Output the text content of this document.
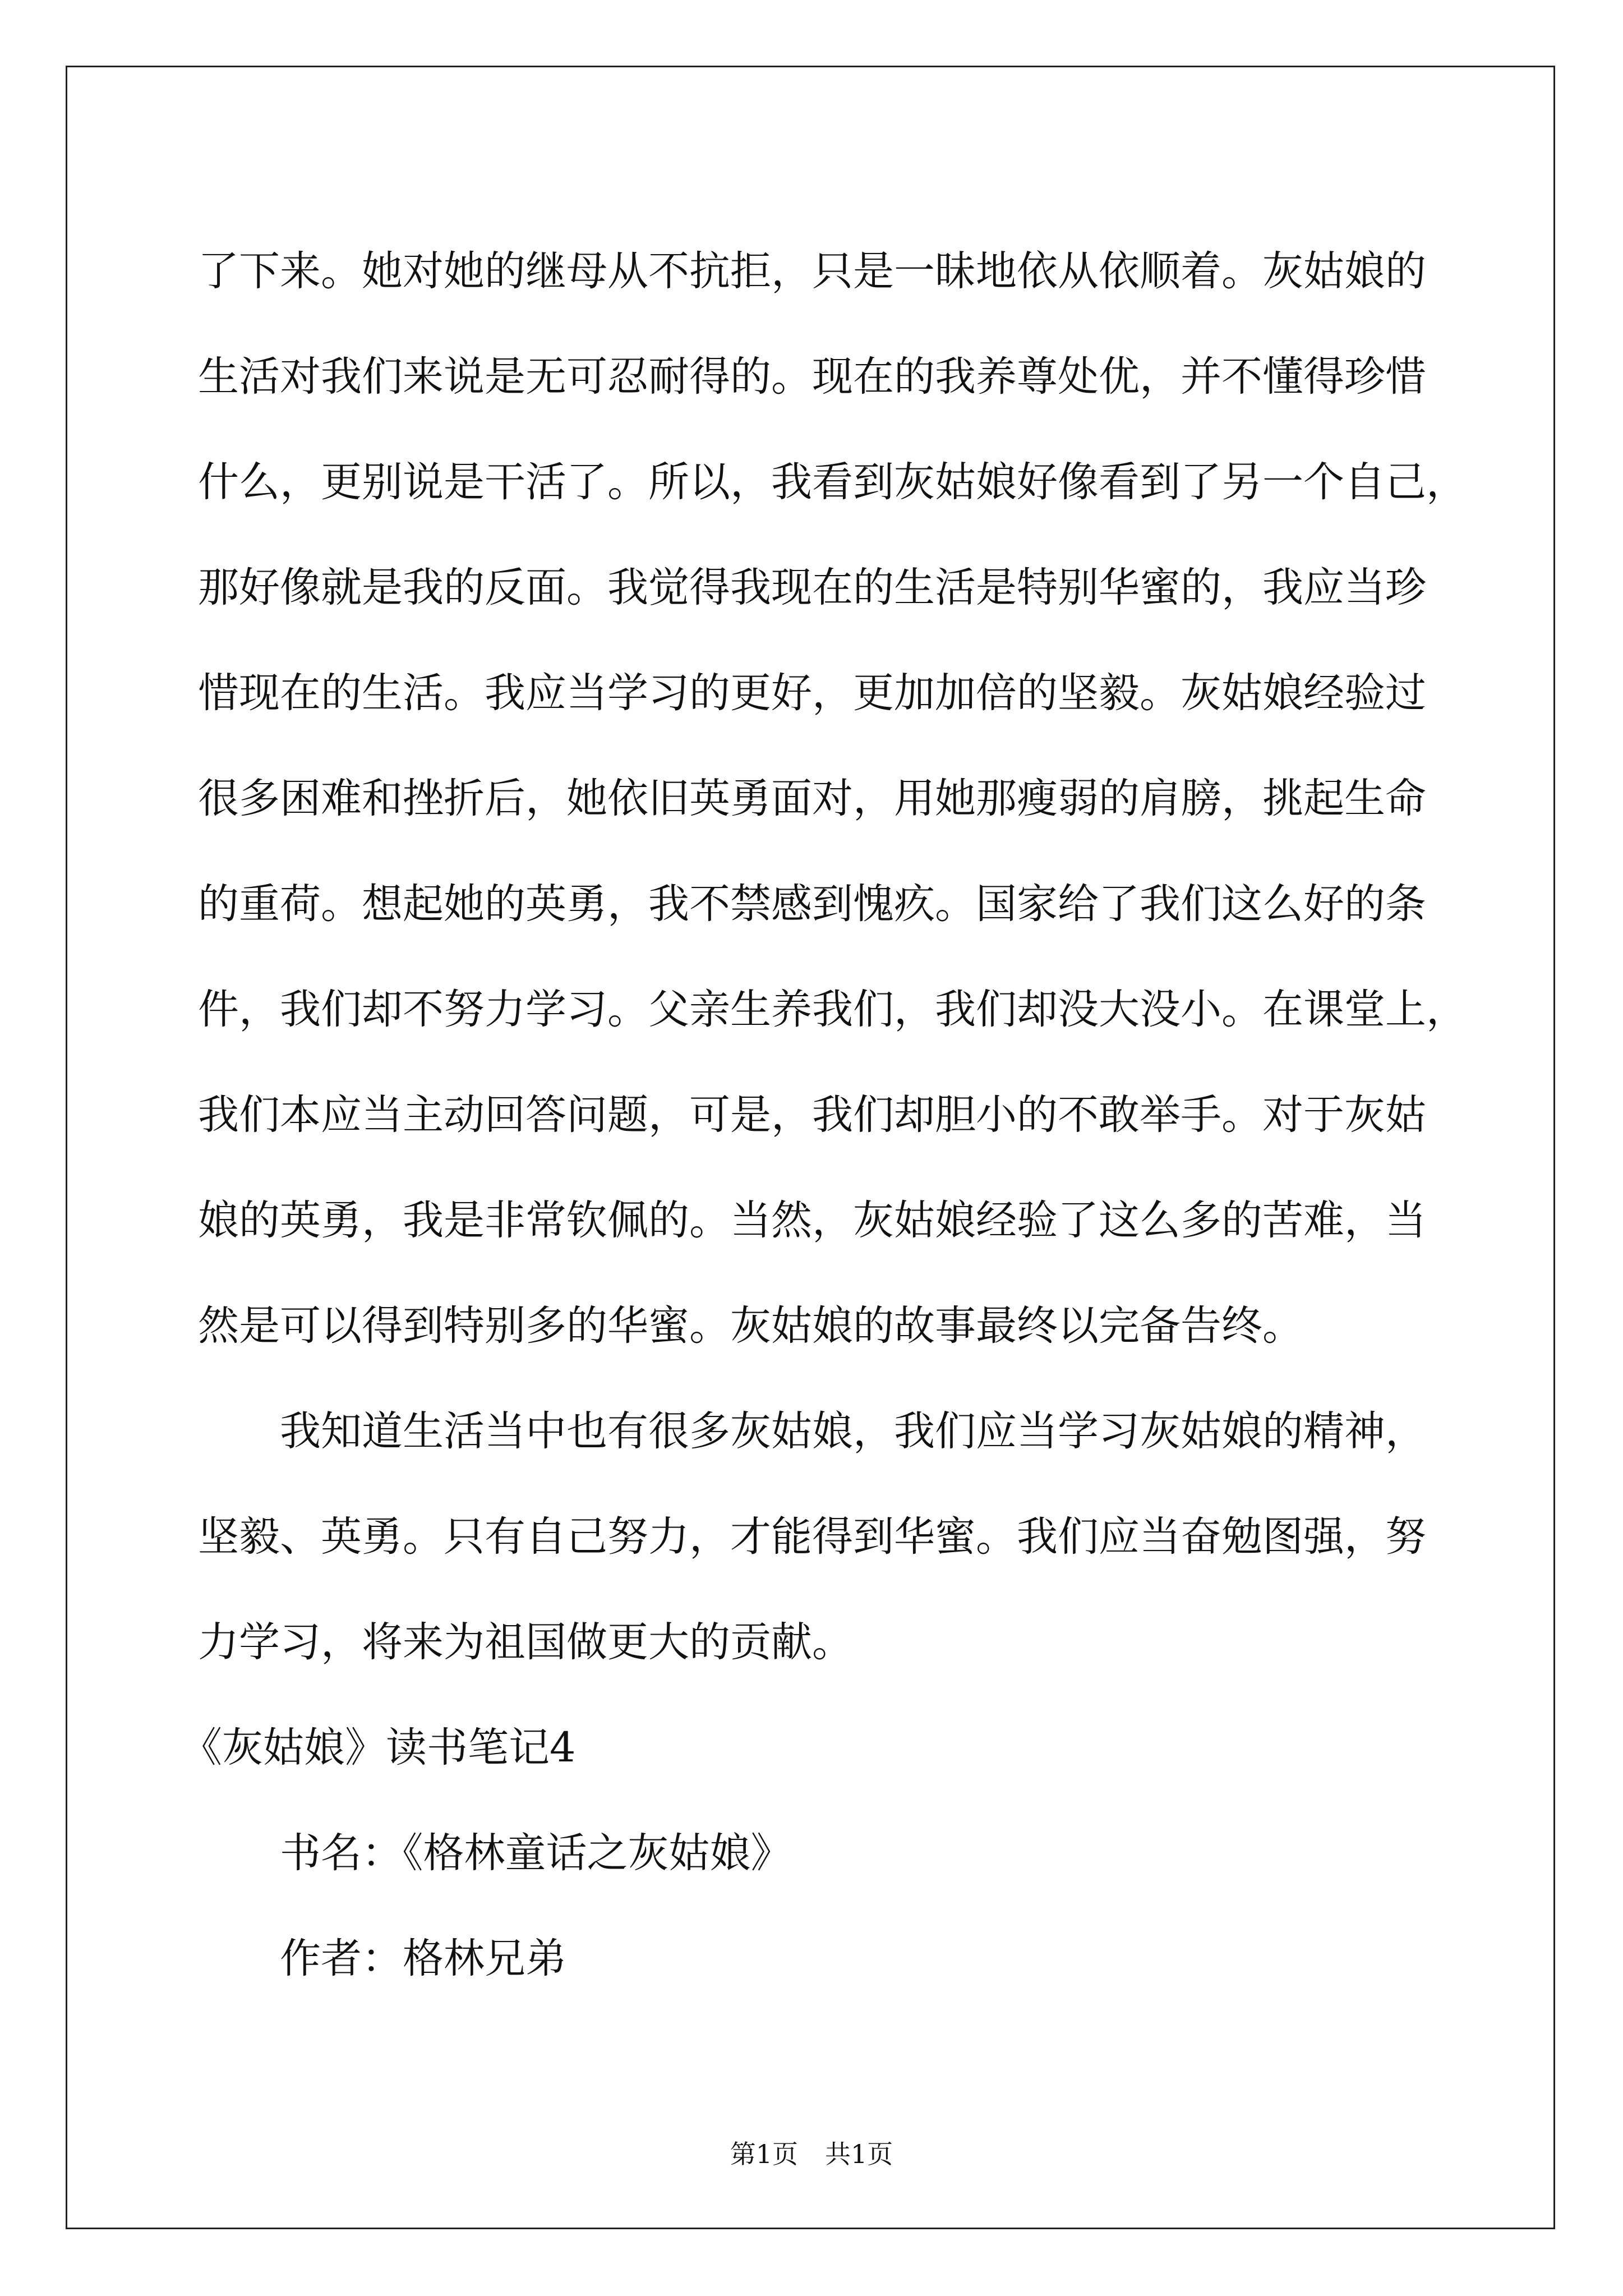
了下来。她对她的继母从不抗拒，只是一昧地依从依顺着。灰姑娘的
生活对我们来说是无可忍耐得的。现在的我养尊处优，并不懂得珍惜
什么，更别说是干活了。所以，我看到灰姑娘好像看到了另一个自己，
那好像就是我的反面。我觉得我现在的生活是特别华蜜的，我应当珍
惜现在的生活。我应当学习的更好，更加加倍的坚毅。灰姑娘经验过
很多困难和挫折后，她依旧英勇面对，用她那瘦弱的肩膀，挑起生命
的重荷。想起她的英勇，我不禁感到愧疚。国家给了我们这么好的条
件，我们却不努力学习。父亲生养我们，我们却没大没小。在课堂上，
我们本应当主动回答问题，可是，我们却胆小的不敢举手。对于灰姑
娘的英勇，我是非常钦佩的。当然，灰姑娘经验了这么多的苦难，当
然是可以得到特别多的华蜜。灰姑娘的故事最终以完备告终。
我知道生活当中也有很多灰姑娘，我们应当学习灰姑娘的精神，
坚毅、英勇。只有自己努力，才能得到华蜜。我们应当奋勉图强，努
力学习，将来为祖国做更大的贡献。
《灰姑娘》读书笔记4
书名：《格林童话之灰姑娘》
作者：格林兄弟
第1页 共1页
